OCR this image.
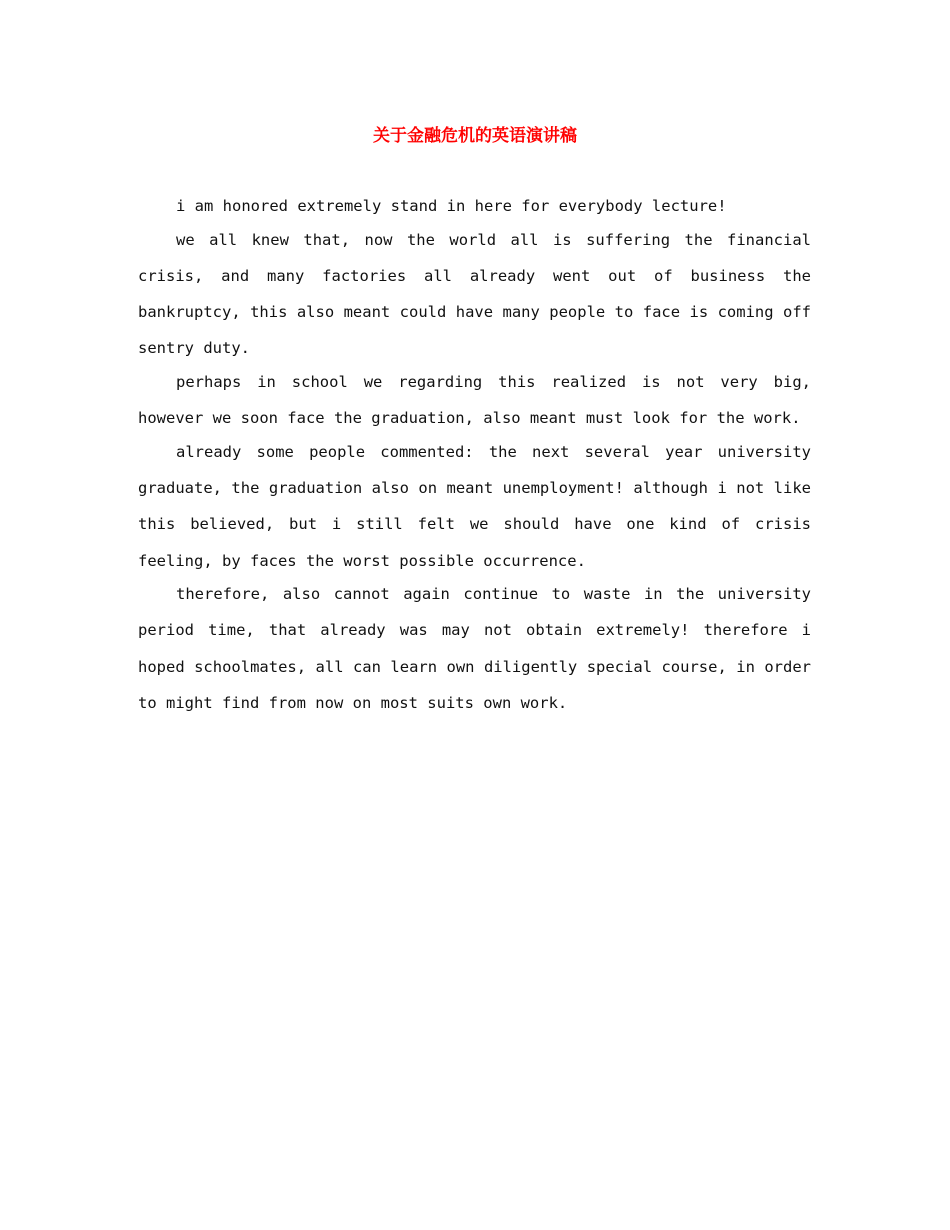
关于金融危机的英语演讲稿

i am honored extremely stand in here for everybody lecture!

we all knew that, now the world all is suffering the financial crisis, and many factories all already went out of business the bankruptcy, this also meant could have many people to face is coming off sentry duty.

perhaps in school we regarding this realized is not very big, however we soon face the graduation, also meant must look for the work.

already some people commented: the next several year university graduate, the graduation also on meant unemployment! although i not like this believed, but i still felt we should have one kind of crisis feeling, by faces the worst possible occurrence.

therefore, also cannot again continue to waste in the university period time, that already was may not obtain extremely! therefore i hoped schoolmates, all can learn own diligently special course, in order to might find from now on most suits own work.
